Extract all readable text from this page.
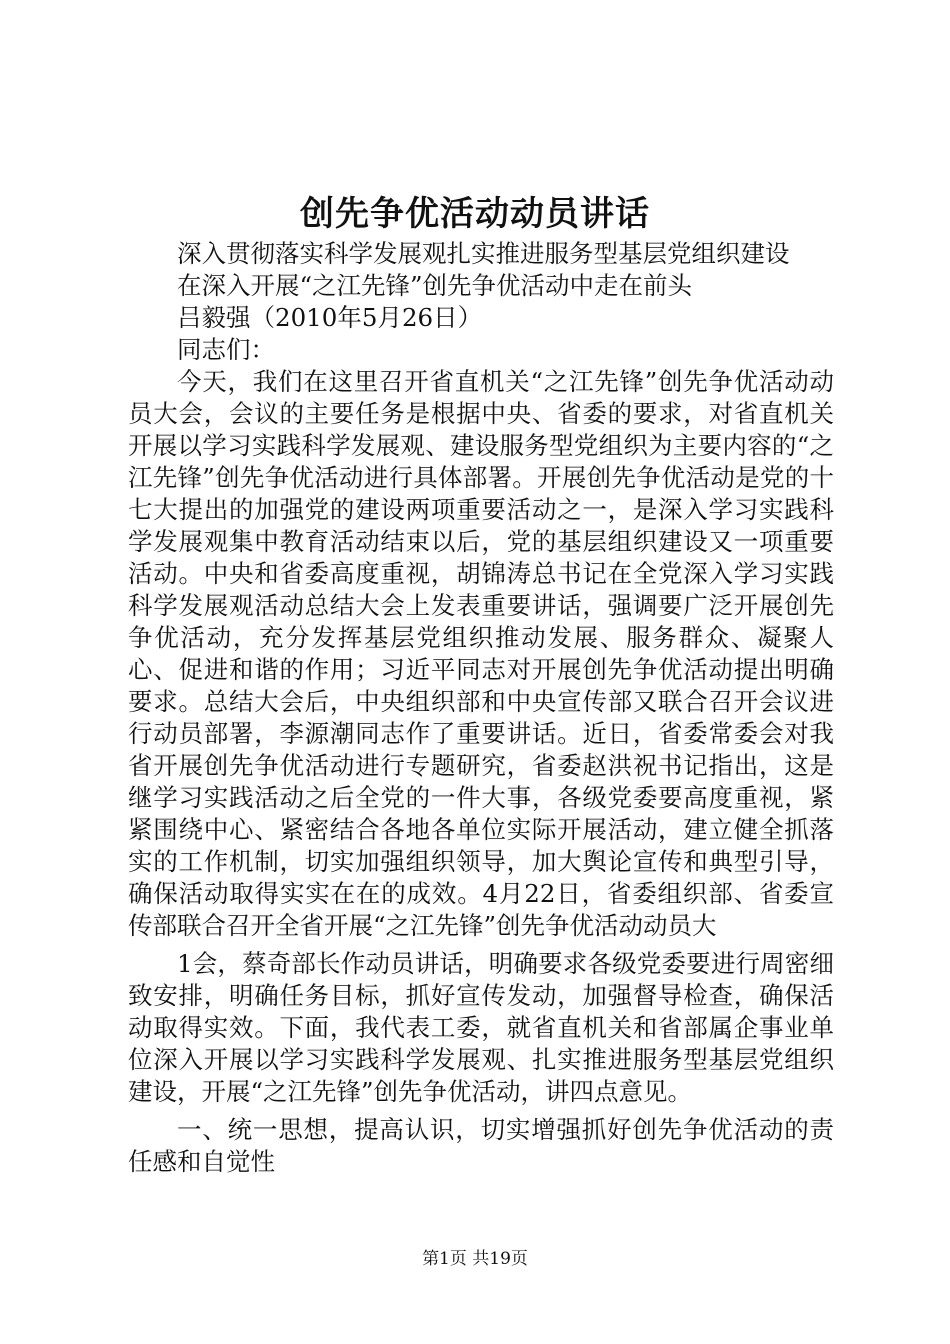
创先争优活动动员讲话
深入贯彻落实科学发展观扎实推进服务型基层党组织建设
在深入开展“之江先锋”创先争优活动中走在前头
吕毅强（2010年5月26日）
同志们：

今天，我们在这里召开省直机关“之江先锋”创先争优活动动员大会，会议的主要任务是根据中央、省委的要求，对省直机关开展以学习实践科学发展观、建设服务型党组织为主要内容的“之江先锋”创先争优活动进行具体部署。开展创先争优活动是党的十七大提出的加强党的建设两项重要活动之一，是深入学习实践科学发展观集中教育活动结束以后，党的基层组织建设又一项重要活动。中央和省委高度重视，胡锦涛总书记在全党深入学习实践科学发展观活动总结大会上发表重要讲话，强调要广泛开展创先争优活动，充分发挥基层党组织推动发展、服务群众、凝聚人心、促进和谐的作用；习近平同志对开展创先争优活动提出明确要求。总结大会后，中央组织部和中央宣传部又联合召开会议进行动员部署，李源潮同志作了重要讲话。近日，省委常委会对我省开展创先争优活动进行专题研究，省委赵洪祝书记指出，这是继学习实践活动之后全党的一件大事，各级党委要高度重视，紧紧围绕中心、紧密结合各地各单位实际开展活动，建立健全抓落实的工作机制，切实加强组织领导，加大舆论宣传和典型引导，确保活动取得实实在在的成效。4月22日，省委组织部、省委宣传部联合召开全省开展“之江先锋”创先争优活动动员大

1会，蔡奇部长作动员讲话，明确要求各级党委要进行周密细致安排，明确任务目标，抓好宣传发动，加强督导检查，确保活动取得实效。下面，我代表工委，就省直机关和省部属企事业单位深入开展以学习实践科学发展观、扎实推进服务型基层党组织建设，开展“之江先锋”创先争优活动，讲四点意见。

一、统一思想，提高认识，切实增强抓好创先争优活动的责任感和自觉性

第1页 共19页
